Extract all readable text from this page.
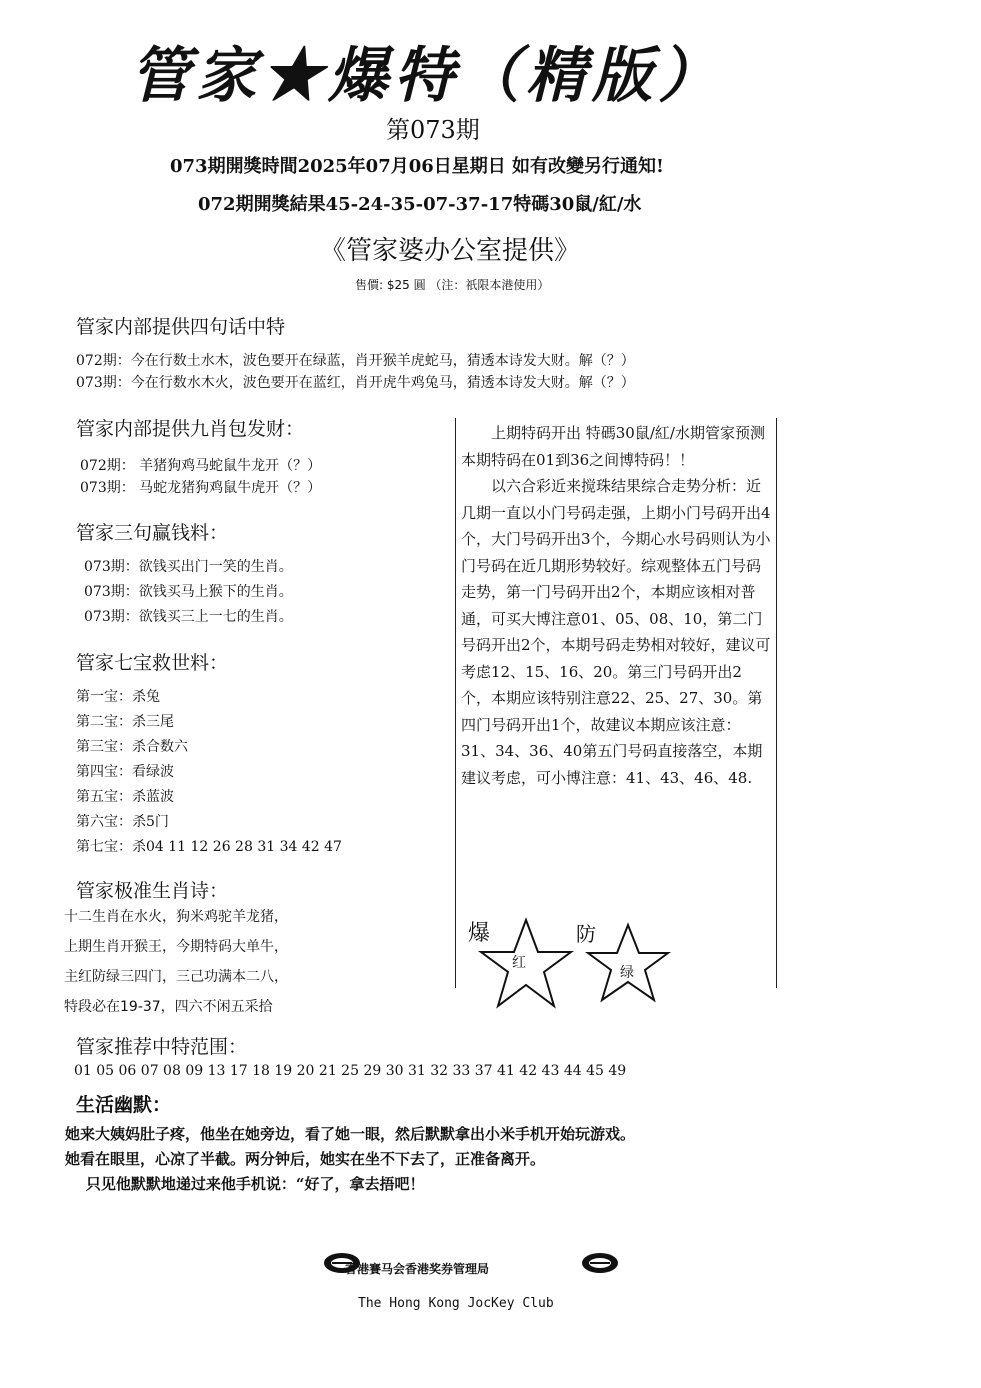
管家★爆特（精版）
第073期
073期開獎時間2025年07月06日星期日 如有改變另行通知!
072期開獎結果45-24-35-07-37-17特碼30鼠/紅/水
《管家婆办公室提供》
售價: $25 圓 （注：祇限本港使用）
管家内部提供四句话中特
072期：今在行数土水木，波色要开在绿蓝，肖开猴羊虎蛇马，猜透本诗发大财。解（？）
073期：今在行数水木火，波色要开在蓝红，肖开虎牛鸡兔马，猜透本诗发大财。解（？）
管家内部提供九肖包发财：
072期： 羊猪狗鸡马蛇鼠牛龙开（？）
073期： 马蛇龙猪狗鸡鼠牛虎开（？）
管家三句赢钱料：
073期：欲钱买出门一笑的生肖。
073期：欲钱买马上猴下的生肖。
073期：欲钱买三上一七的生肖。
管家七宝救世料：
第一宝：杀兔
第二宝：杀三尾
第三宝：杀合数六
第四宝：看绿波
第五宝：杀蓝波
第六宝：杀5门
第七宝：杀04 11 12 26 28 31 34 42 47
管家极准生肖诗：
十二生肖在水火，狗米鸡驼羊龙猪，
上期生肖开猴王，今期特码大单牛，
主红防绿三四门，三己功满本二八，
特段必在19-37，四六不闲五采拾

上期特码开出 特碼30鼠/紅/水期管家预测本期特码在01到36之间博特码！！

以六合彩近来搅珠结果综合走势分析：近几期一直以小门号码走强，上期小门号码开出4个，大门号码开出3个，今期心水号码则认为小门号码在近几期形势较好。综观整体五门号码走势，第一门号码开出2个，本期应该相对普通，可买大博注意01、05、08、10，第二门号码开出2个，本期号码走势相对较好，建议可考虑12、15、16、20。第三门号码开出2个，本期应该特别注意22、25、27、30。第四门号码开出1个，故建议本期应该注意：31、34、36、40第五门号码直接落空，本期建议考虑，可小博注意：41、43、46、48.

爆
红
防
绿
管家推荐中特范围：
01 05 06 07 08 09 13 17 18 19 20 21 25 29 30 31 32 33 37 41 42 43 44 45 49
生活幽默：
她来大姨妈肚子疼，他坐在她旁边，看了她一眼，然后默默拿出小米手机开始玩游戏。
她看在眼里，心凉了半截。两分钟后，她实在坐不下去了，正准备离开。
只见他默默地递过来他手机说：“好了，拿去捂吧！
香港賽马会香港奖券管理局
The Hong Kong JocKey Club
